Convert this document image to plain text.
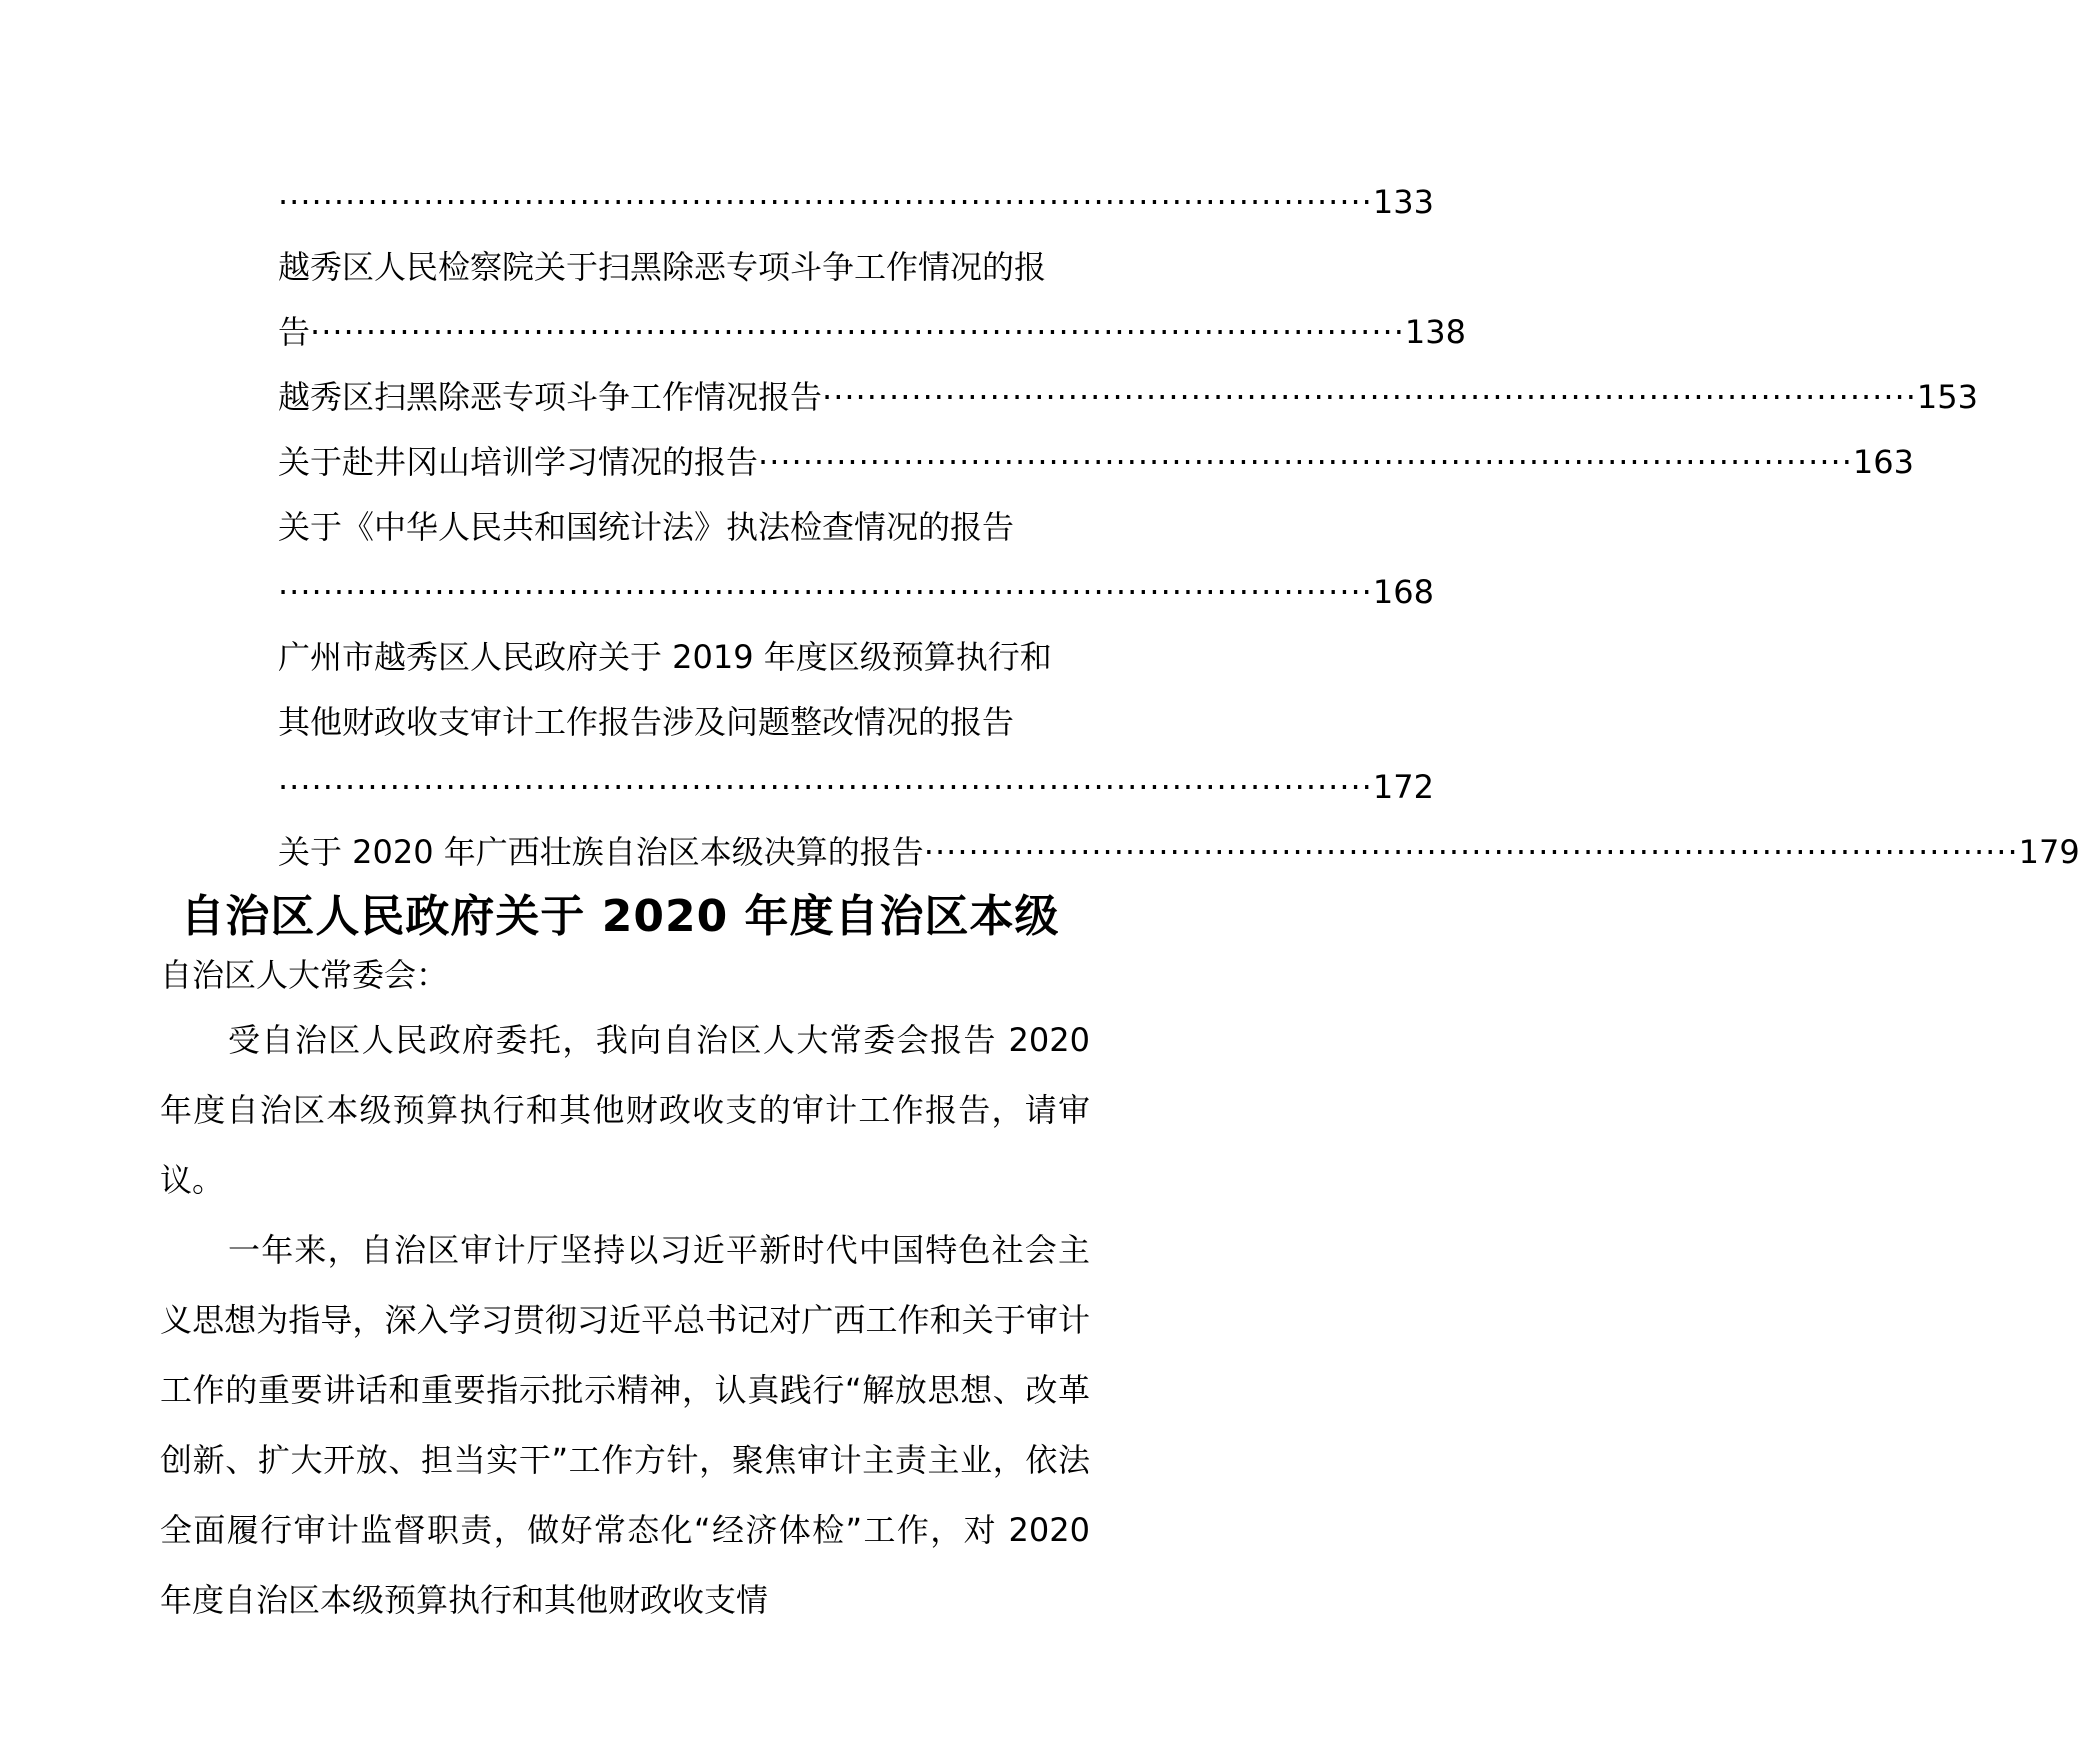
·································································································· 133
越秀区人民检察院关于扫黑除恶专项斗争工作情况的报
告 ·································································································· 138
越秀区扫黑除恶专项斗争工作情况报告 ·································································································· 153
关于赴井冈山培训学习情况的报告 ·································································································· 163
关于《中华人民共和国统计法》执法检查情况的报告
·································································································· 168
广州市越秀区人民政府关于 2019 年度区级预算执行和
其他财政收支审计工作报告涉及问题整改情况的报告
·································································································· 172
关于 2020 年广西壮族自治区本级决算的报告 ·································································································· 179
自治区人民政府关于 2020 年度自治区本级

自治区人大常委会：

受自治区人民政府委托，我向自治区人大常委会报告 2020 年度自治区本级预算执行和其他财政收支的审计工作报告，请审议。

一年来，自治区审计厅坚持以习近平新时代中国特色社会主义思想为指导，深入学习贯彻习近平总书记对广西工作和关于审计工作的重要讲话和重要指示批示精神，认真践行“解放思想、改革创新、扩大开放、担当实干”工作方针，聚焦审计主责主业，依法全面履行审计监督职责，做好常态化“经济体检”工作，对 2020 年度自治区本级预算执行和其他财政收支情
